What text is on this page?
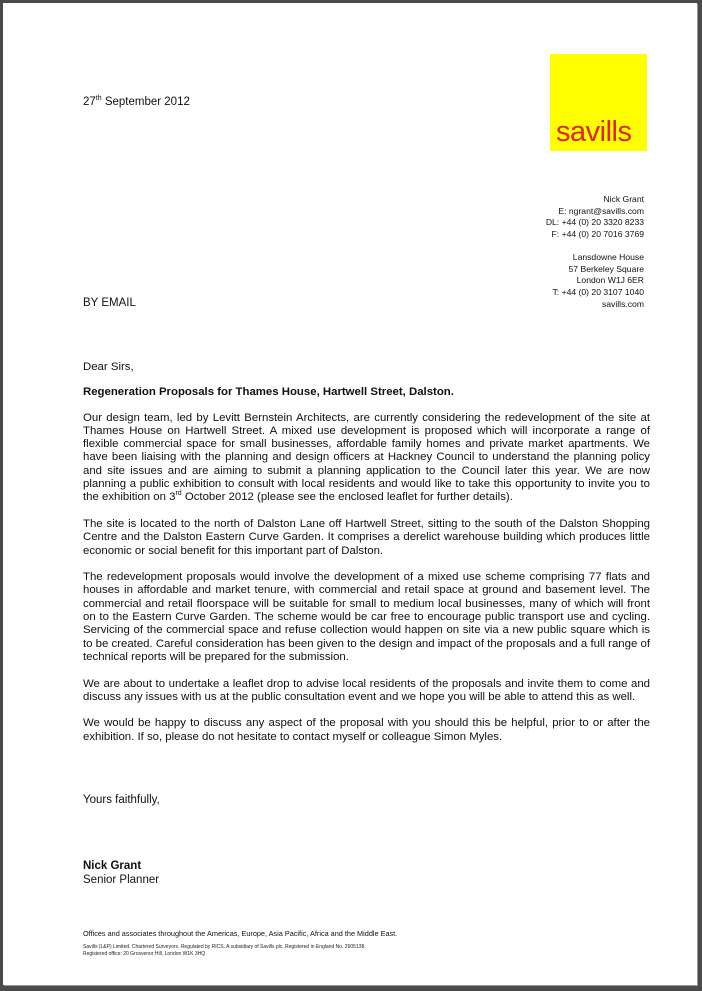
27th September 2012
savills
Nick Grant
E: ngrant@savills.com
DL: +44 (0) 20 3320 8233
F: +44 (0) 20 7016 3769
Lansdowne House
57 Berkeley Square
London W1J 6ER
T: +44 (0) 20 3107 1040
savills.com
BY EMAIL

Dear Sirs,

Regeneration Proposals for Thames House, Hartwell Street, Dalston.

Our design team, led by Levitt Bernstein Architects, are currently considering the redevelopment of the site at Thames House on Hartwell Street. A mixed use development is proposed which will incorporate a range of flexible commercial space for small businesses, affordable family homes and private market apartments. We have been liaising with the planning and design officers at Hackney Council to understand the planning policy and site issues and are aiming to submit a planning application to the Council later this year. We are now planning a public exhibition to consult with local residents and would like to take this opportunity to invite you to the exhibition on 3rd October 2012 (please see the enclosed leaflet for further details).

The site is located to the north of Dalston Lane off Hartwell Street, sitting to the south of the Dalston Shopping Centre and the Dalston Eastern Curve Garden. It comprises a derelict warehouse building which produces little economic or social benefit for this important part of Dalston.

The redevelopment proposals would involve the development of a mixed use scheme comprising 77 flats and houses in affordable and market tenure, with commercial and retail space at ground and basement level. The commercial and retail floorspace will be suitable for small to medium local businesses, many of which will front on to the Eastern Curve Garden. The scheme would be car free to encourage public transport use and cycling. Servicing of the commercial space and refuse collection would happen on site via a new public square which is to be created. Careful consideration has been given to the design and impact of the proposals and a full range of technical reports will be prepared for the submission.

We are about to undertake a leaflet drop to advise local residents of the proposals and invite them to come and discuss any issues with us at the public consultation event and we hope you will be able to attend this as well.

We would be happy to discuss any aspect of the proposal with you should this be helpful, prior to or after the exhibition. If so, please do not hesitate to contact myself or colleague Simon Myles.

Yours faithfully,
Nick Grant
Senior Planner
Offices and associates throughout the Americas, Europe, Asia Pacific, Africa and the Middle East.
Savills (L&P) Limited. Chartered Surveyors. Regulated by RICS. A subsidiary of Savills plc. Registered in England No. 2605138.
Registered office: 20 Grosvenor Hill, London W1K 3HQ
